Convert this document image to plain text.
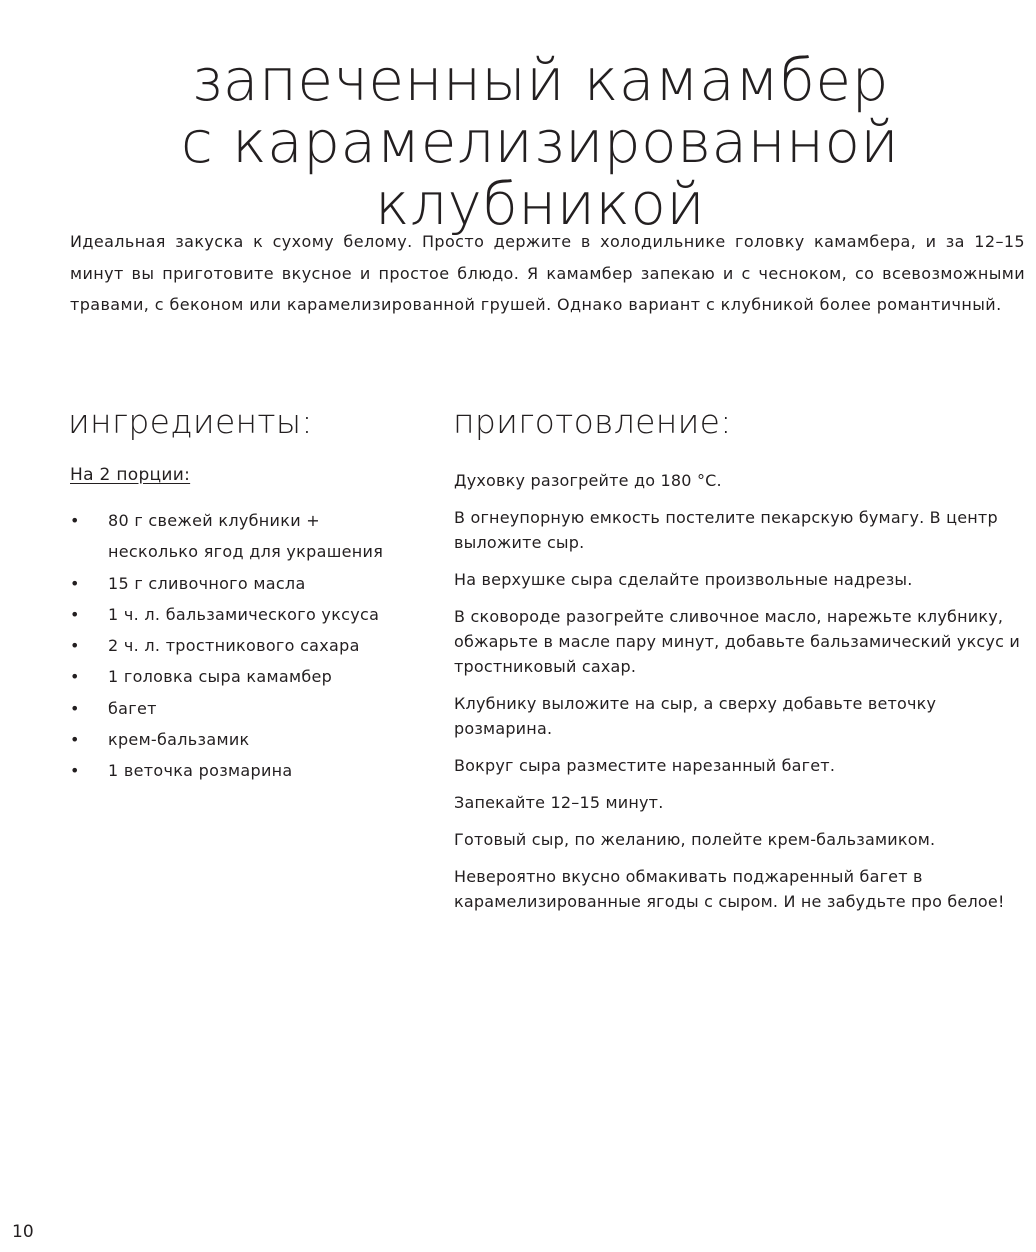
запеченный камамбер
с карамелизированной
клубникой

Идеальная закуска к сухому белому. Просто держите в холодильнике головку камамбера, и за 12–15 минут вы приготовите вкусное и простое блюдо. Я камамбер запекаю и с чесноком, со всевозможными травами, с беконом или карамелизированной грушей. Однако вариант с клубникой более романтичный.

ингредиенты:	приготовление:
На 2 порции:
• 80 г свежей клубники + несколько ягод для украшения
• 15 г сливочного масла
• 1 ч. л. бальзамического уксуса
• 2 ч. л. тростникового сахара
• 1 головка сыра камамбер
• багет
• крем-бальзамик
• 1 веточка розмарина
Духовку разогрейте до 180 °C.
В огнеупорную емкость постелите пекарскую бумагу. В центр выложите сыр.
На верхушке сыра сделайте произвольные надрезы.
В сковороде разогрейте сливочное масло, нарежьте клубнику, обжарьте в масле пару минут, добавьте бальзамический уксус и тростниковый сахар.
Клубнику выложите на сыр, а сверху добавьте веточку розмарина.
Вокруг сыра разместите нарезанный багет.
Запекайте 12–15 минут.
Готовый сыр, по желанию, полейте крем-бальзамиком.
Невероятно вкусно обмакивать поджаренный багет в карамелизированные ягоды с сыром. И не забудьте про белое!
10
